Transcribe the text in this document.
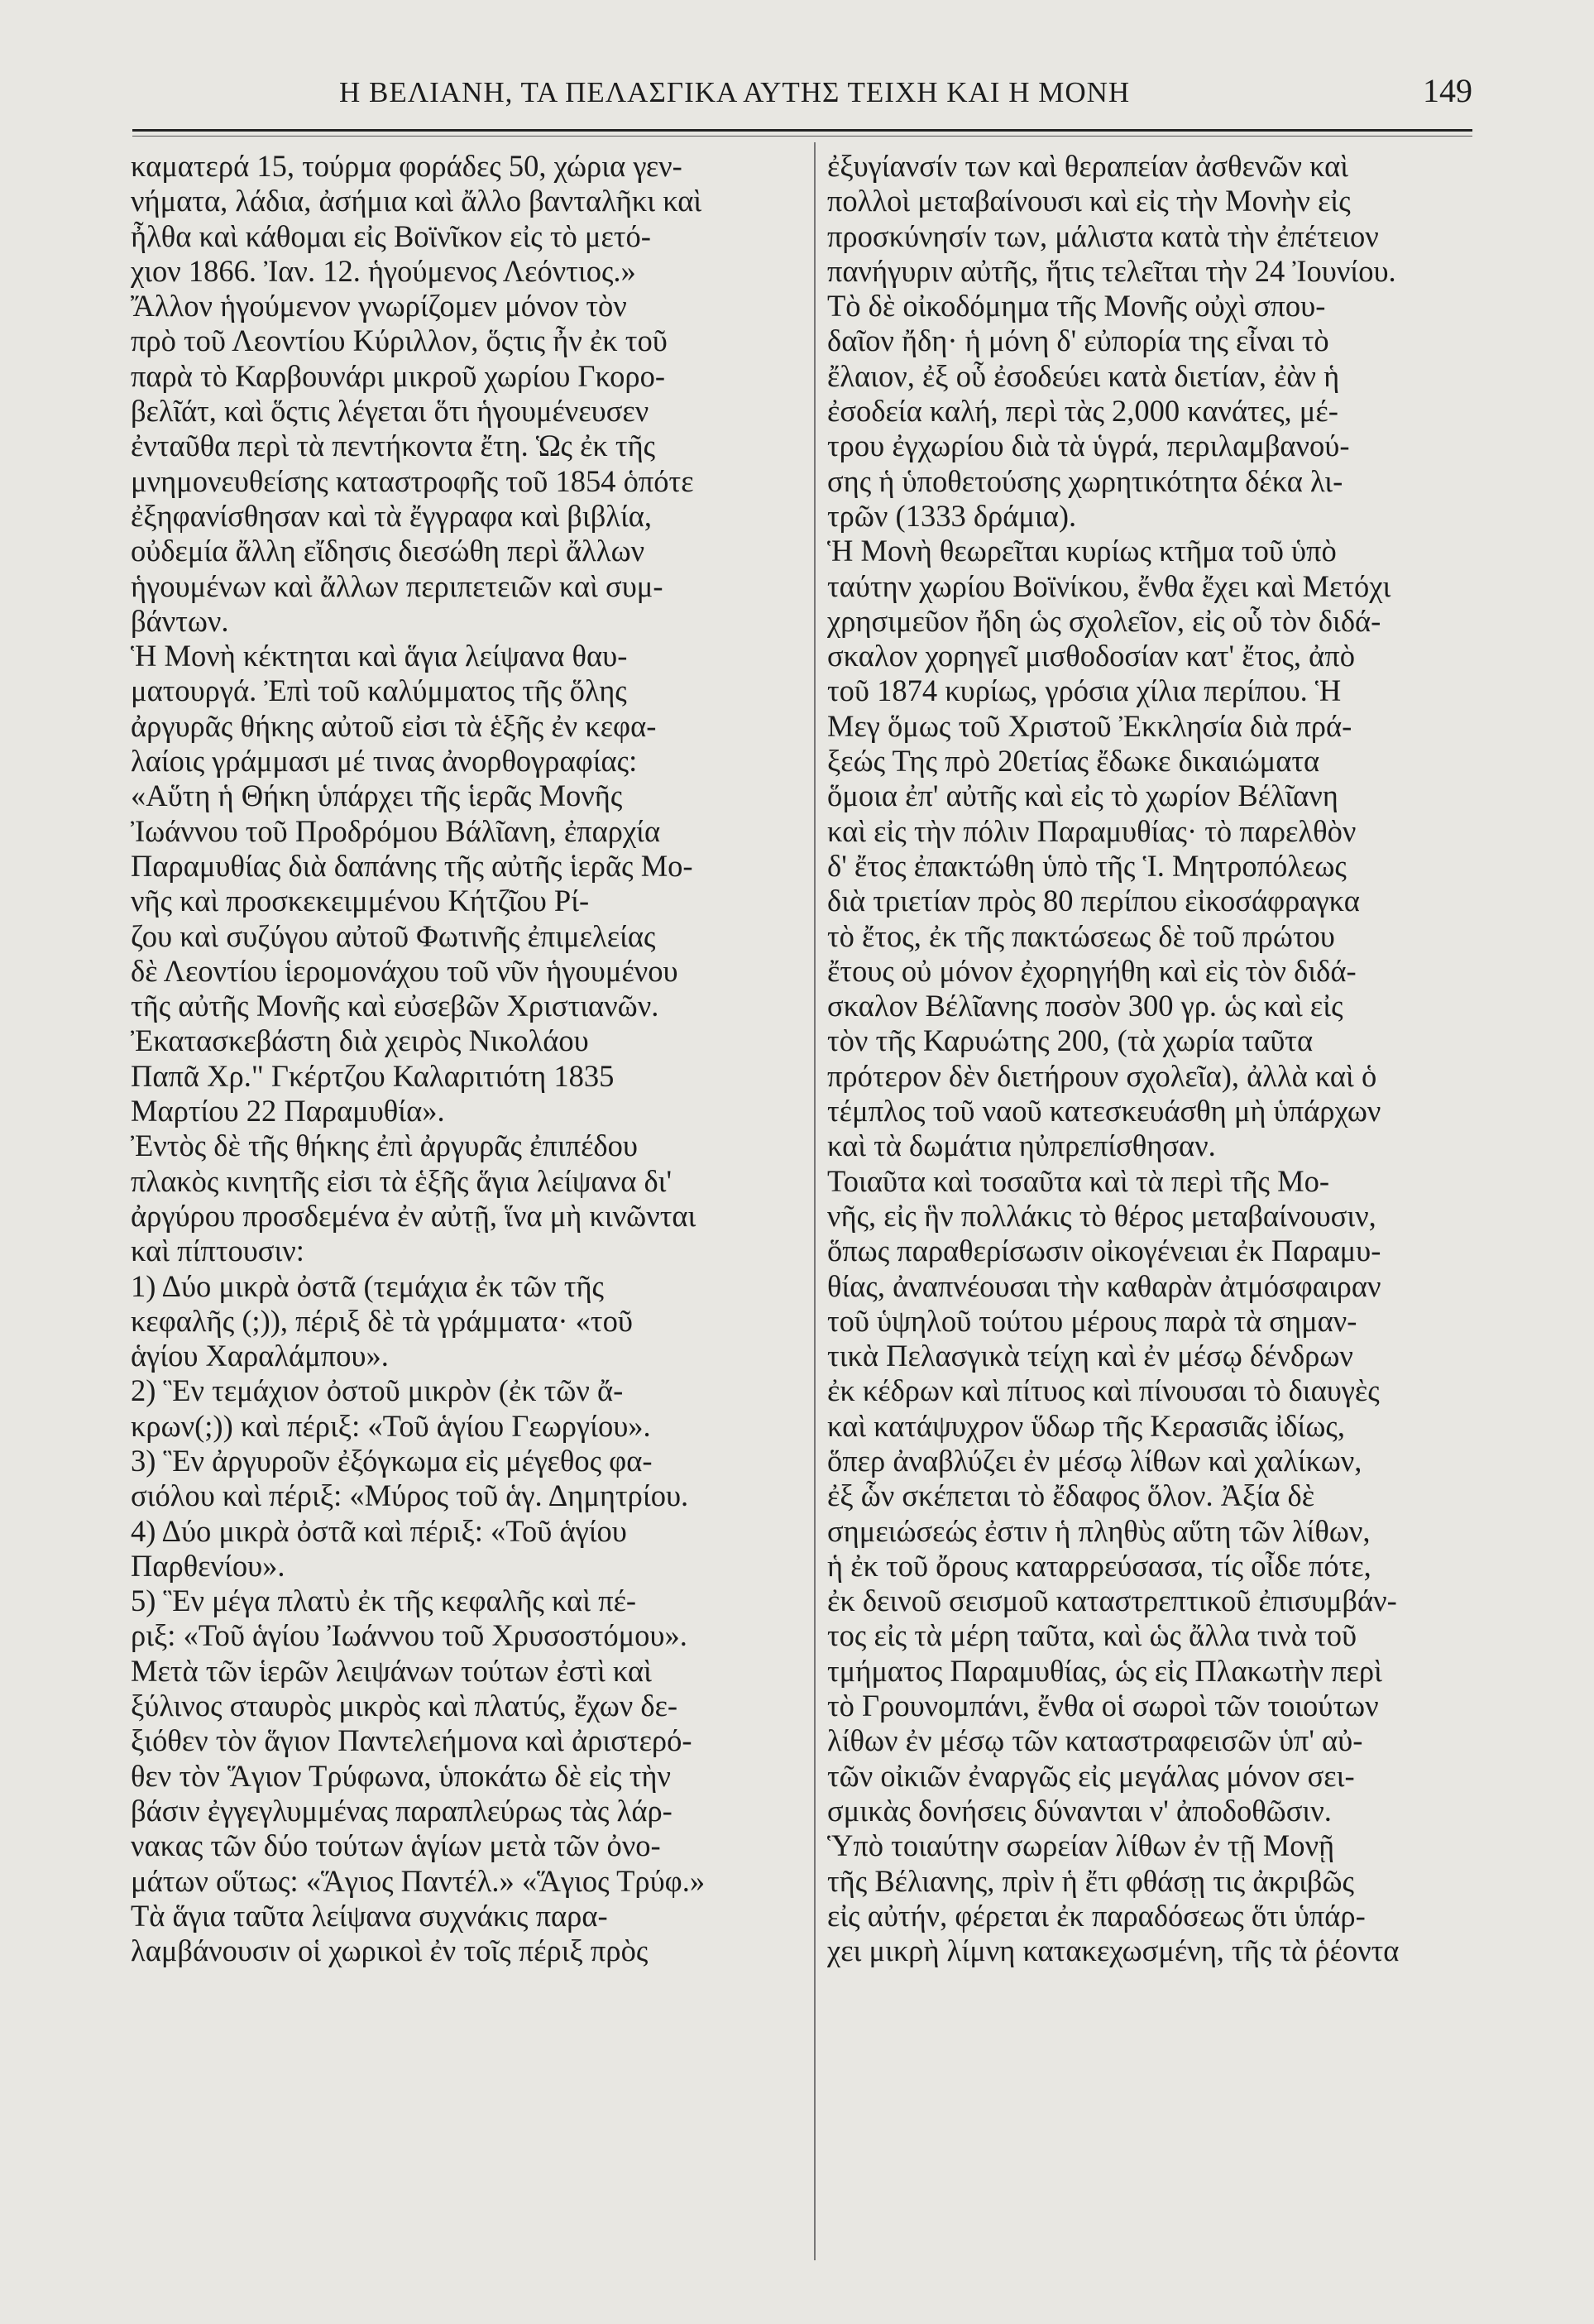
Η ΒΕΛΙΑΝΗ, ΤΑ ΠΕΛΑΣΓΙΚΑ ΑΥΤΗΣ ΤΕΙΧΗ ΚΑΙ Η ΜΟΝΗ	149
καματερά 15, τούρμα φοράδες 50, χώρια γεν-
νήματα, λάδια, ἀσήμια καὶ ἄλλο βανταλῆκι καὶ
ἦλθα καὶ κάθομαι εἰς Βοϊνῖκον εἰς τὸ μετό-
χιον 1866. Ἰαν. 12. ἡγούμενος Λεόντιος.»
Ἄλλον ἡγούμενον γνωρίζομεν μόνον τὸν
πρὸ τοῦ Λεοντίου Κύριλλον, ὅςτις ἦν ἐκ τοῦ
παρὰ τὸ Καρβουνάρι μικροῦ χωρίου Γκορο-
βελ̃ιάτ, καὶ ὅςτις λέγεται ὅτι ἡγουμένευσεν
ἐνταῦθα περὶ τὰ πεντήκοντα ἔτη. Ὡς ἐκ τῆς
μνημονευθείσης καταστροφῆς τοῦ 1854 ὁπότε
ἐξηφανίσθησαν καὶ τὰ ἔγγραφα καὶ βιβλία,
οὐδεμία ἄλλη εἴδησις διεσώθη περὶ ἄλλων
ἡγουμένων καὶ ἄλλων περιπετειῶν καὶ συμ-
βάντων.
Ἡ Μονὴ κέκτηται καὶ ἅγια λείψανα θαυ-
ματουργά. Ἐπὶ τοῦ καλύμματος τῆς ὅλης
ἀργυρᾶς θήκης αὐτοῦ εἰσι τὰ ἑξῆς ἐν κεφα-
λαίοις γράμμασι μέ τινας ἀνορθογραφίας:
«Αὕτη ἡ Θήκη ὑπάρχει τῆς ἱερᾶς Μονῆς
Ἰωάννου τοῦ Προδρόμου Βάλ̃ιανη, ἐπαρχία
Παραμυθίας διὰ δαπάνης τῆς αὐτῆς ἱερᾶς Μο-
νῆς καὶ προσκεκειμμένου Κήτζ̃ιου Ρί-
ζου καὶ συζύγου αὐτοῦ Φωτινῆς ἐπιμελείας
δὲ Λεοντίου ἱερομονάχου τοῦ νῦν ἡγουμένου
τῆς αὐτῆς Μονῆς καὶ εὐσεβῶν Χριστιανῶν.
Ἐκατασκεβάστη διὰ χειρὸς Νικολάου
Παπᾶ Χρ." Γκέρτζου Καλαριτιότη 1835
Μαρτίου 22 Παραμυθία».
Ἐντὸς δὲ τῆς θήκης ἐπὶ ἀργυρᾶς ἐπιπέδου
πλακὸς κινητῆς εἰσι τὰ ἑξῆς ἅγια λείψανα δι'
ἀργύρου προσδεμένα ἐν αὐτῇ, ἵνα μὴ κινῶνται
καὶ πίπτουσιν:
1) Δύο μικρὰ ὀστᾶ (τεμάχια ἐκ τῶν τῆς
κεφαλῆς (;)), πέριξ δὲ τὰ γράμματα· «τοῦ
ἁγίου Χαραλάμπου».
2) Ἓν τεμάχιον ὀστοῦ μικρὸν (ἐκ τῶν ἄ-
κρων(;)) καὶ πέριξ: «Τοῦ ἁγίου Γεωργίου».
3) Ἓν ἀργυροῦν ἐξόγκωμα εἰς μέγεθος φα-
σιόλου καὶ πέριξ: «Μύρος τοῦ ἁγ. Δημητρίου.
4) Δύο μικρὰ ὀστᾶ καὶ πέριξ: «Τοῦ ἁγίου
Παρθενίου».
5) Ἓν μέγα πλατὺ ἐκ τῆς κεφαλῆς καὶ πέ-
ριξ: «Τοῦ ἁγίου Ἰωάννου τοῦ Χρυσοστόμου».
Μετὰ τῶν ἱερῶν λειψάνων τούτων ἐστὶ καὶ
ξύλινος σταυρὸς μικρὸς καὶ πλατύς, ἔχων δε-
ξιόθεν τὸν ἅγιον Παντελεήμονα καὶ ἀριστερό-
θεν τὸν Ἅγιον Τρύφωνα, ὑποκάτω δὲ εἰς τὴν
βάσιν ἐγγεγλυμμένας παραπλεύρως τὰς λάρ-
νακας τῶν δύο τούτων ἁγίων μετὰ τῶν ὀνο-
μάτων οὕτως: «Ἅγιος Παντέλ.» «Ἅγιος Τρύφ.»
Τὰ ἅγια ταῦτα λείψανα συχνάκις παρα-
λαμβάνουσιν οἱ χωρικοὶ ἐν τοῖς πέριξ πρὸς
ἐξυγίανσίν των καὶ θεραπείαν ἀσθενῶν καὶ
πολλοὶ μεταβαίνουσι καὶ εἰς τὴν Μονὴν εἰς
προσκύνησίν των, μάλιστα κατὰ τὴν ἐπέτειον
πανήγυριν αὐτῆς, ἥτις τελεῖται τὴν 24 Ἰουνίου.
Τὸ δὲ οἰκοδόμημα τῆς Μονῆς οὐχὶ σπου-
δαῖον ἤδη· ἡ μόνη δ' εὐπορία της εἶναι τὸ
ἔλαιον, ἐξ οὗ ἐσοδεύει κατὰ διετίαν, ἐὰν ἡ
ἐσοδεία καλή, περὶ τὰς 2,000 κανάτες, μέ-
τρου ἐγχωρίου διὰ τὰ ὑγρά, περιλαμβανού-
σης ἡ ὑποθετούσης χωρητικότητα δέκα λι-
τρῶν (1333 δράμια).
Ἡ Μονὴ θεωρεῖται κυρίως κτῆμα τοῦ ὑπὸ
ταύτην χωρίου Βοϊνίκου, ἔνθα ἔχει καὶ Μετόχι
χρησιμεῦον ἤδη ὡς σχολεῖον, εἰς οὗ τὸν διδά-
σκαλον χορηγεῖ μισθοδοσίαν κατ' ἔτος, ἀπὸ
τοῦ 1874 κυρίως, γρόσια χίλια περίπου. Ἡ
Μεγ ὅμως τοῦ Χριστοῦ Ἐκκλησία διὰ πρά-
ξεώς Της πρὸ 20ετίας ἔδωκε δικαιώματα
ὅμοια ἐπ' αὐτῆς καὶ εἰς τὸ χωρίον Βέλ̃ιανη
καὶ εἰς τὴν πόλιν Παραμυθίας· τὸ παρελθὸν
δ' ἔτος ἐπακτώθη ὑπὸ τῆς Ἱ. Μητροπόλεως
διὰ τριετίαν πρὸς 80 περίπου εἰκοσάφραγκα
τὸ ἔτος, ἐκ τῆς πακτώσεως δὲ τοῦ πρώτου
ἔτους οὐ μόνον ἐχορηγήθη καὶ εἰς τὸν διδά-
σκαλον Βέλ̃ιανης ποσὸν 300 γρ. ὡς καὶ εἰς
τὸν τῆς Καρυώτης 200, (τὰ χωρία ταῦτα
πρότερον δὲν διετήρουν σχολεῖα), ἀλλὰ καὶ ὁ
τέμπλος τοῦ ναοῦ κατεσκευάσθη μὴ ὑπάρχων
καὶ τὰ δωμάτια ηὐπρεπίσθησαν.
Τοιαῦτα καὶ τοσαῦτα καὶ τὰ περὶ τῆς Μο-
νῆς, εἰς ἣν πολλάκις τὸ θέρος μεταβαίνουσιν,
ὅπως παραθερίσωσιν οἰκογένειαι ἐκ Παραμυ-
θίας, ἀναπνέουσαι τὴν καθαρὰν ἀτμόσφαιραν
τοῦ ὑψηλοῦ τούτου μέρους παρὰ τὰ σημαν-
τικὰ Πελασγικὰ τείχη καὶ ἐν μέσῳ δένδρων
ἐκ κέδρων καὶ πίτυος καὶ πίνουσαι τὸ διαυγὲς
καὶ κατάψυχρον ὕδωρ τῆς Κερασιᾶς ἰδίως,
ὅπερ ἀναβλύζει ἐν μέσῳ λίθων καὶ χαλίκων,
ἐξ ὧν σκέπεται τὸ ἔδαφος ὅλον. Ἀξία δὲ
σημειώσεώς ἐστιν ἡ πληθὺς αὕτη τῶν λίθων,
ἡ ἐκ τοῦ ὄρους καταρρεύσασα, τίς οἶδε πότε,
ἐκ δεινοῦ σεισμοῦ καταστρεπτικοῦ ἐπισυμβάν-
τος εἰς τὰ μέρη ταῦτα, καὶ ὡς ἄλλα τινὰ τοῦ
τμήματος Παραμυθίας, ὡς εἰς Πλακωτὴν περὶ
τὸ Γρουνομπάνι, ἔνθα οἱ σωροὶ τῶν τοιούτων
λίθων ἐν μέσῳ τῶν καταστραφεισῶν ὑπ' αὐ-
τῶν οἰκιῶν ἐναργῶς εἰς μεγάλας μόνον σει-
σμικὰς δονήσεις δύνανται ν' ἀποδοθῶσιν.
Ὑπὸ τοιαύτην σωρείαν λίθων ἐν τῇ Μονῇ
τῆς Βέλιανης, πρὶν ἡ ἔτι φθάσῃ τις ἀκριβῶς
εἰς αὐτήν, φέρεται ἐκ παραδόσεως ὅτι ὑπάρ-
χει μικρὴ λίμνη κατακεχωσμένη, τῆς τὰ ῥέοντα
